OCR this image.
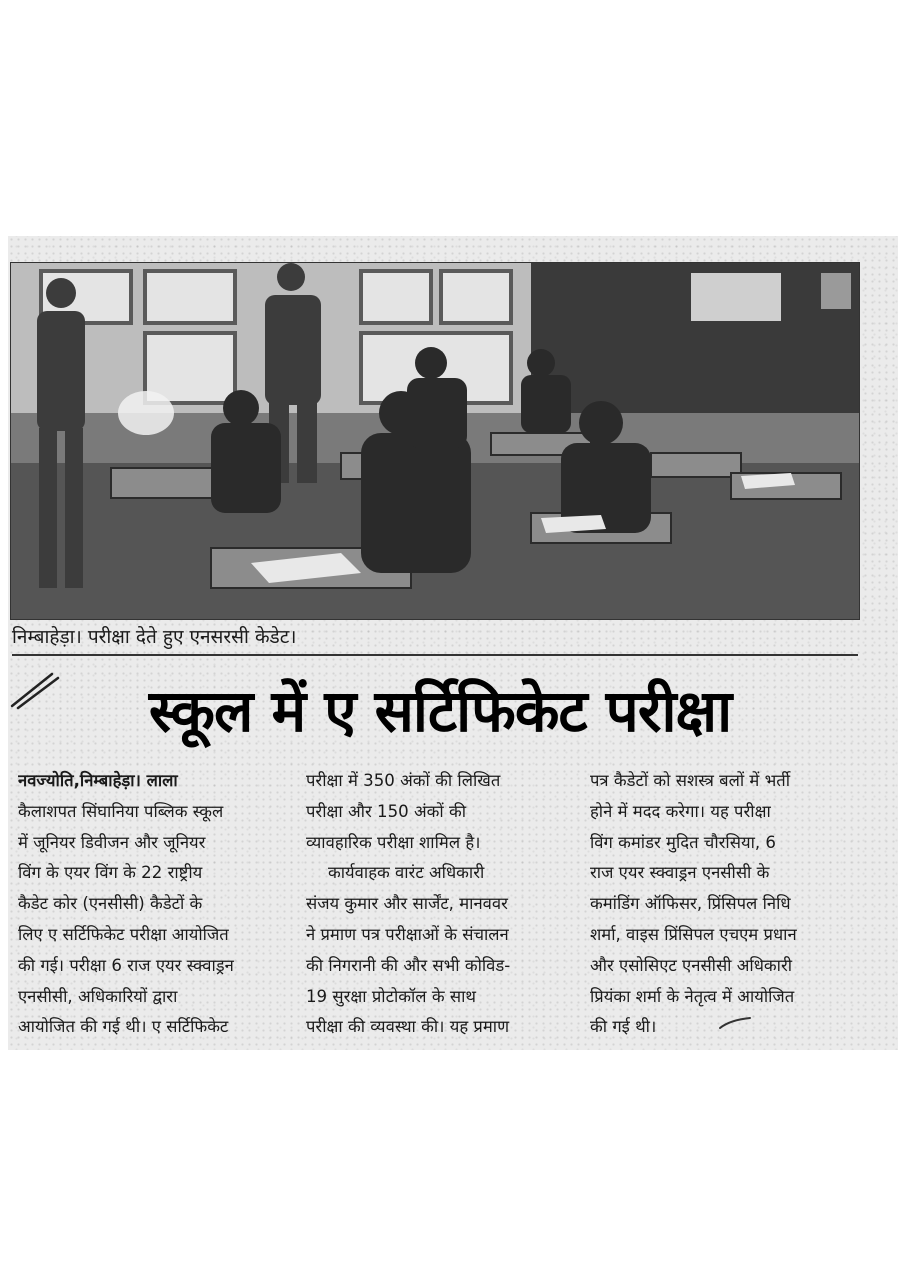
निम्बाहेड़ा। परीक्षा देते हुए एनसरसी केडेट।
स्कूल में ए सर्टिफिकेट परीक्षा
नवज्योति,निम्बाहेड़ा। लाला
कैलाशपत सिंघानिया पब्लिक स्कूल
में जूनियर डिवीजन और जूनियर
विंग के एयर विंग के 22 राष्ट्रीय
कैडेट कोर (एनसीसी) कैडेटों के
लिए ए सर्टिफिकेट परीक्षा आयोजित
की गई। परीक्षा 6 राज एयर स्क्वाड्रन
एनसीसी, अधिकारियों द्वारा
आयोजित की गई थी। ए सर्टिफिकेट
परीक्षा में 350 अंकों की लिखित
परीक्षा और 150 अंकों की
व्यावहारिक परीक्षा शामिल है।
कार्यवाहक वारंट अधिकारी
संजय कुमार और सार्जेंट, मानववर
ने प्रमाण पत्र परीक्षाओं के संचालन
की निगरानी की और सभी कोविड-
19 सुरक्षा प्रोटोकॉल के साथ
परीक्षा की व्यवस्था की। यह प्रमाण
पत्र कैडेटों को सशस्त्र बलों में भर्ती
होने में मदद करेगा। यह परीक्षा
विंग कमांडर मुदित चौरसिया, 6
राज एयर स्क्वाड्रन एनसीसी के
कमांडिंग ऑफिसर, प्रिंसिपल निधि
शर्मा, वाइस प्रिंसिपल एचएम प्रधान
और एसोसिएट एनसीसी अधिकारी
प्रियंका शर्मा के नेतृत्व में आयोजित
की गई थी।
